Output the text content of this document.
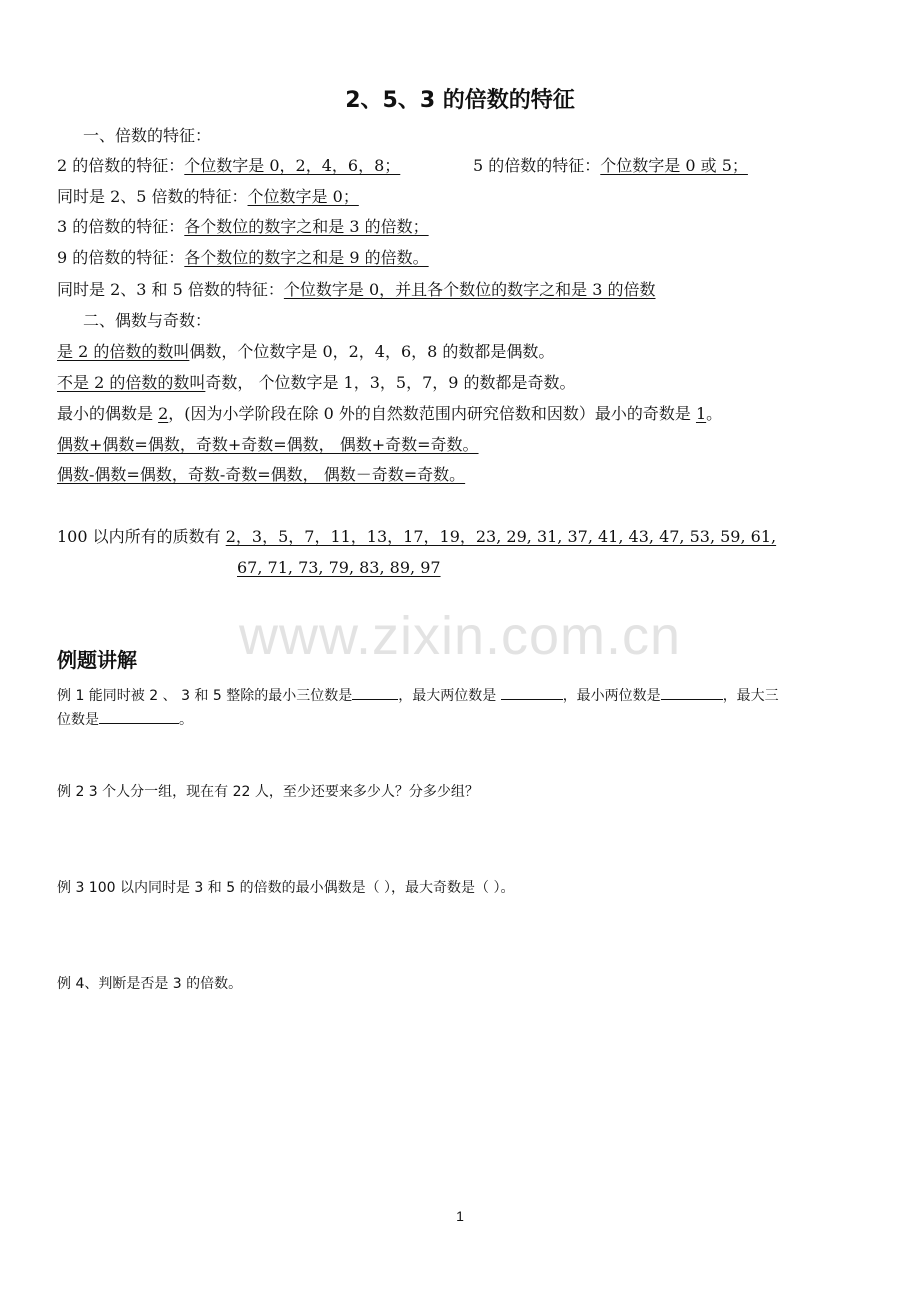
www.zixin.com.cn
2、5、3 的倍数的特征
一、倍数的特征：
2 的倍数的特征：个位数字是 0，2，4，6，8；	5 的倍数的特征：个位数字是 0 或 5；
同时是 2、5 倍数的特征：个位数字是 0；
3 的倍数的特征：各个数位的数字之和是 3 的倍数；
9 的倍数的特征：各个数位的数字之和是 9 的倍数。
同时是 2、3 和 5 倍数的特征：个位数字是 0，并且各个数位的数字之和是 3 的倍数
二、偶数与奇数：
是 2 的倍数的数叫偶数，个位数字是 0，2，4，6，8 的数都是偶数。
不是 2 的倍数的数叫奇数， 个位数字是 1，3，5，7，9 的数都是奇数。
最小的偶数是 2，(因为小学阶段在除 0 外的自然数范围内研究倍数和因数）最小的奇数是 1。
偶数+偶数=偶数，奇数+奇数=偶数， 偶数+奇数=奇数。
偶数-偶数=偶数，奇数-奇数=偶数， 偶数－奇数=奇数。
100 以内所有的质数有 2，3，5，7，11，13，17，19，23, 29, 31, 37, 41, 43, 47, 53, 59, 61,
67, 71, 73, 79, 83, 89, 97
例题讲解
例 1 能同时被 2 、 3 和 5 整除的最小三位数是	，最大两位数是	，最小两位数是	，最大三
位数是	。
例 2 3 个人分一组，现在有 22 人，至少还要来多少人？分多少组？
例 3 100 以内同时是 3 和 5 的倍数的最小偶数是（ ），最大奇数是（ ）。
例 4、判断是否是 3 的倍数。
1
